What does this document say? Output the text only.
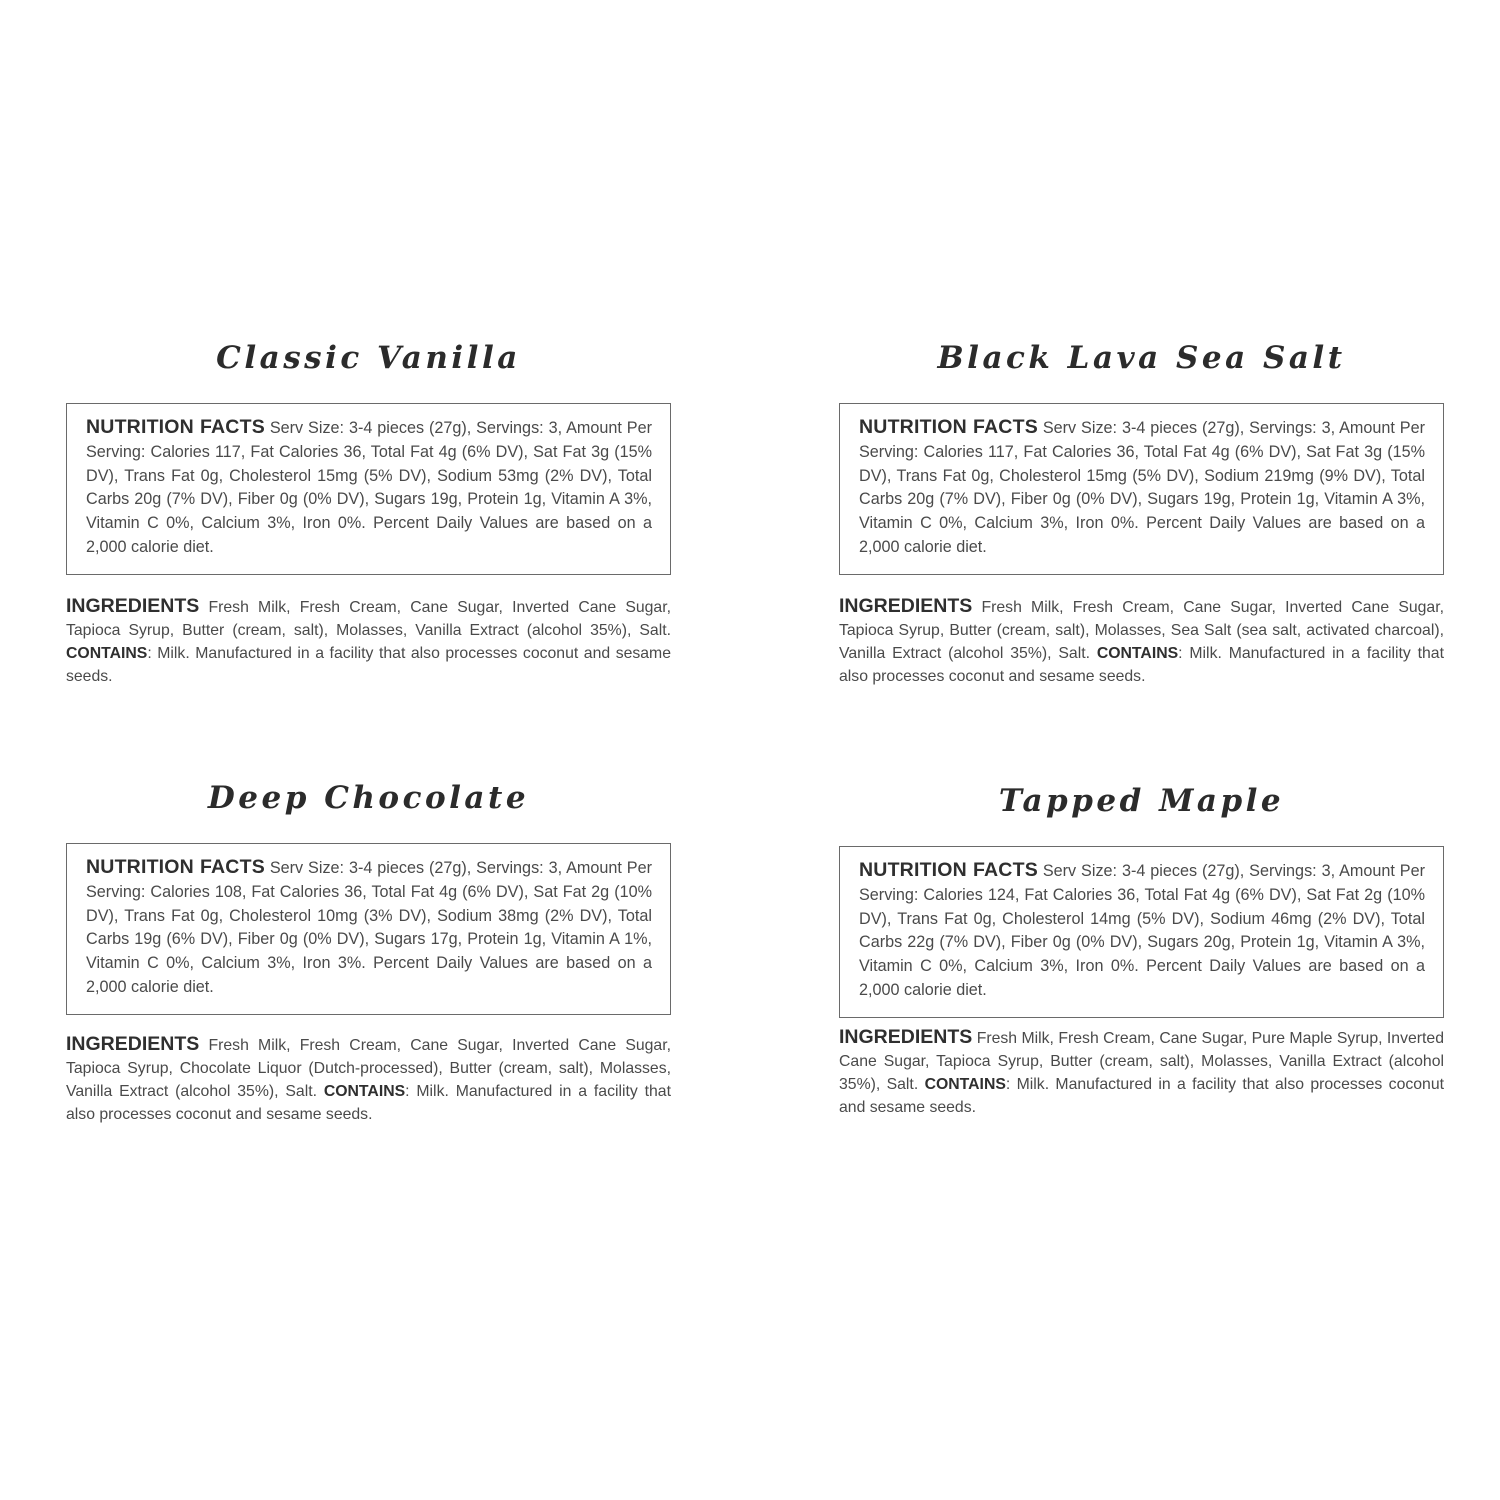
Classic Vanilla
NUTRITION FACTS Serv Size: 3-4 pieces (27g), Servings: 3, Amount Per Serving: Calories 117, Fat Calories 36, Total Fat 4g (6% DV), Sat Fat 3g (15% DV), Trans Fat 0g, Cholesterol 15mg (5% DV), Sodium 53mg (2% DV), Total Carbs 20g (7% DV), Fiber 0g (0% DV), Sugars 19g, Protein 1g, Vitamin A 3%, Vitamin C 0%, Calcium 3%, Iron 0%. Percent Daily Values are based on a 2,000 calorie diet.
INGREDIENTS Fresh Milk, Fresh Cream, Cane Sugar, Inverted Cane Sugar, Tapioca Syrup, Butter (cream, salt), Molasses, Vanilla Extract (alcohol 35%), Salt. CONTAINS: Milk. Manufactured in a facility that also processes coconut and sesame seeds.
Black Lava Sea Salt
NUTRITION FACTS Serv Size: 3-4 pieces (27g), Servings: 3, Amount Per Serving: Calories 117, Fat Calories 36, Total Fat 4g (6% DV), Sat Fat 3g (15% DV), Trans Fat 0g, Cholesterol 15mg (5% DV), Sodium 219mg (9% DV), Total Carbs 20g (7% DV), Fiber 0g (0% DV), Sugars 19g, Protein 1g, Vitamin A 3%, Vitamin C 0%, Calcium 3%, Iron 0%. Percent Daily Values are based on a 2,000 calorie diet.
INGREDIENTS Fresh Milk, Fresh Cream, Cane Sugar, Inverted Cane Sugar, Tapioca Syrup, Butter (cream, salt), Molasses, Sea Salt (sea salt, activated charcoal), Vanilla Extract (alcohol 35%), Salt. CONTAINS: Milk. Manufactured in a facility that also processes coconut and sesame seeds.
Deep Chocolate
NUTRITION FACTS Serv Size: 3-4 pieces (27g), Servings: 3, Amount Per Serving: Calories 108, Fat Calories 36, Total Fat 4g (6% DV), Sat Fat 2g (10% DV), Trans Fat 0g, Cholesterol 10mg (3% DV), Sodium 38mg (2% DV), Total Carbs 19g (6% DV), Fiber 0g (0% DV), Sugars 17g, Protein 1g, Vitamin A 1%, Vitamin C 0%, Calcium 3%, Iron 3%. Percent Daily Values are based on a 2,000 calorie diet.
INGREDIENTS Fresh Milk, Fresh Cream, Cane Sugar, Inverted Cane Sugar, Tapioca Syrup, Chocolate Liquor (Dutch-processed), Butter (cream, salt), Molasses, Vanilla Extract (alcohol 35%), Salt. CONTAINS: Milk. Manufactured in a facility that also processes coconut and sesame seeds.
Tapped Maple
NUTRITION FACTS Serv Size: 3-4 pieces (27g), Servings: 3, Amount Per Serving: Calories 124, Fat Calories 36, Total Fat 4g (6% DV), Sat Fat 2g (10% DV), Trans Fat 0g, Cholesterol 14mg (5% DV), Sodium 46mg (2% DV), Total Carbs 22g (7% DV), Fiber 0g (0% DV), Sugars 20g, Protein 1g, Vitamin A 3%, Vitamin C 0%, Calcium 3%, Iron 0%. Percent Daily Values are based on a 2,000 calorie diet.
INGREDIENTS Fresh Milk, Fresh Cream, Cane Sugar, Pure Maple Syrup, Inverted Cane Sugar, Tapioca Syrup, Butter (cream, salt), Molasses, Vanilla Extract (alcohol 35%), Salt. CONTAINS: Milk. Manufactured in a facility that also processes coconut and sesame seeds.
